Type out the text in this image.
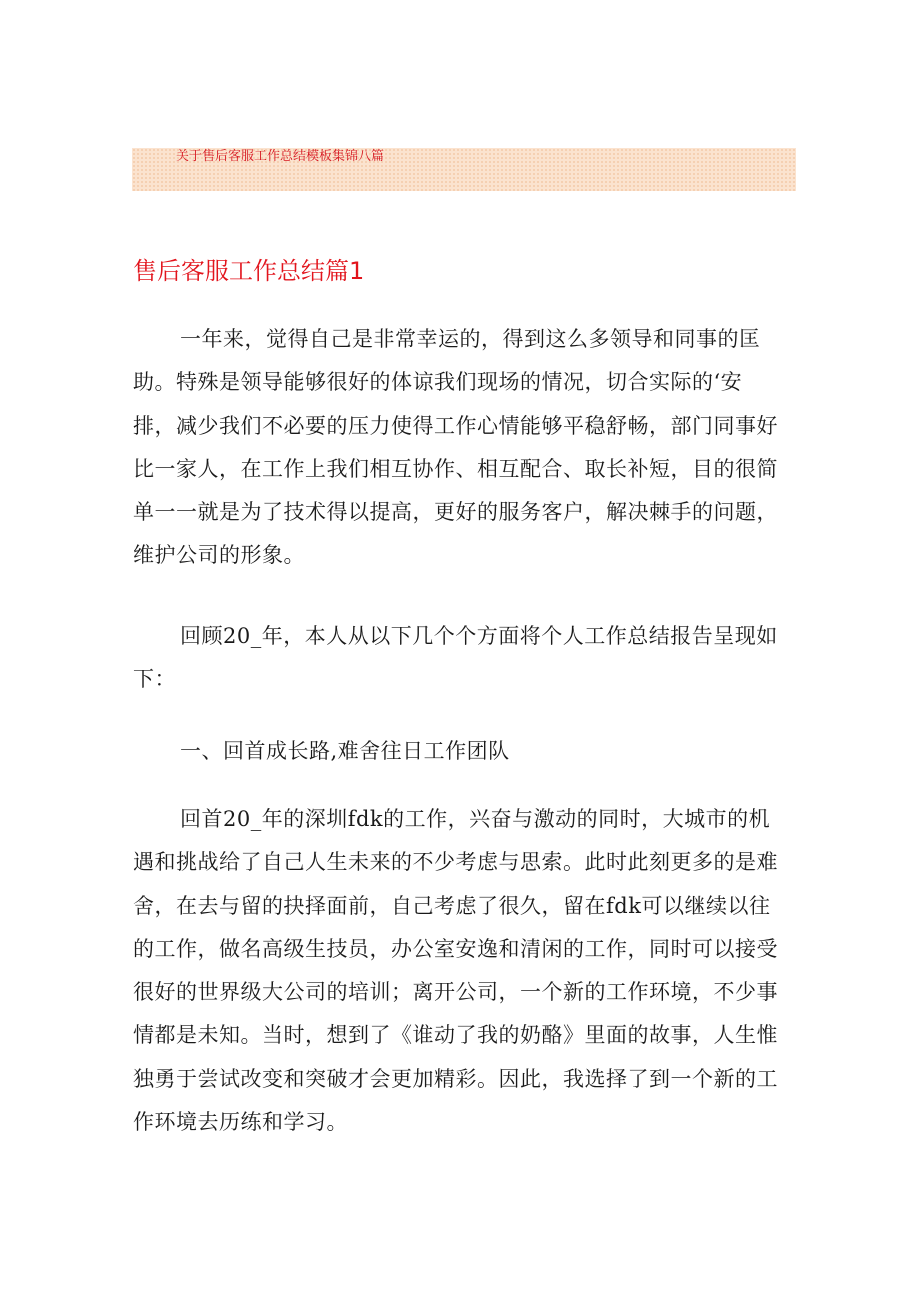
关于售后客服工作总结模板集锦八篇
售后客服工作总结篇1

一年来，觉得自己是非常幸运的，得到这么多领导和同事的匡
助。特殊是领导能够很好的体谅我们现场的情况，切合实际的‘安
排，减少我们不必要的压力使得工作心情能够平稳舒畅，部门同事好
比一家人，在工作上我们相互协作、相互配合、取长补短，目的很简
单一一就是为了技术得以提高，更好的服务客户，解决棘手的问题，
维护公司的形象。

回顾20_年，本人从以下几个个方面将个人工作总结报告呈现如
下：

一、回首成长路,难舍往日工作团队

回首20_年的深圳fdk的工作，兴奋与激动的同时，大城市的机
遇和挑战给了自己人生未来的不少考虑与思索。此时此刻更多的是难
舍，在去与留的抉择面前，自己考虑了很久，留在fdk可以继续以往
的工作，做名高级生技员，办公室安逸和清闲的工作，同时可以接受
很好的世界级大公司的培训；离开公司，一个新的工作环境，不少事
情都是未知。当时，想到了《谁动了我的奶酪》里面的故事，人生惟
独勇于尝试改变和突破才会更加精彩。因此，我选择了到一个新的工
作环境去历练和学习。
